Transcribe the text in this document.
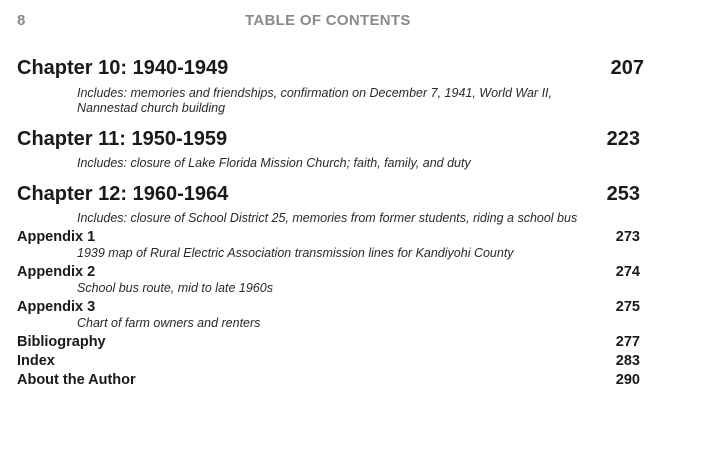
8	TABLE OF CONTENTS
Chapter 10: 1940-1949	207
Includes: memories and friendships, confirmation on December 7, 1941, World War II,
Nannestad church building
Chapter 11: 1950-1959	223
Includes: closure of Lake Florida Mission Church; faith, family, and duty
Chapter 12: 1960-1964	253
Includes: closure of School District 25, memories from former students, riding a school bus
Appendix 1	273
1939 map of Rural Electric Association transmission lines for Kandiyohi County
Appendix 2	274
School bus route, mid to late 1960s
Appendix 3	275
Chart of farm owners and renters
Bibliography	277
Index	283
About the Author	290
